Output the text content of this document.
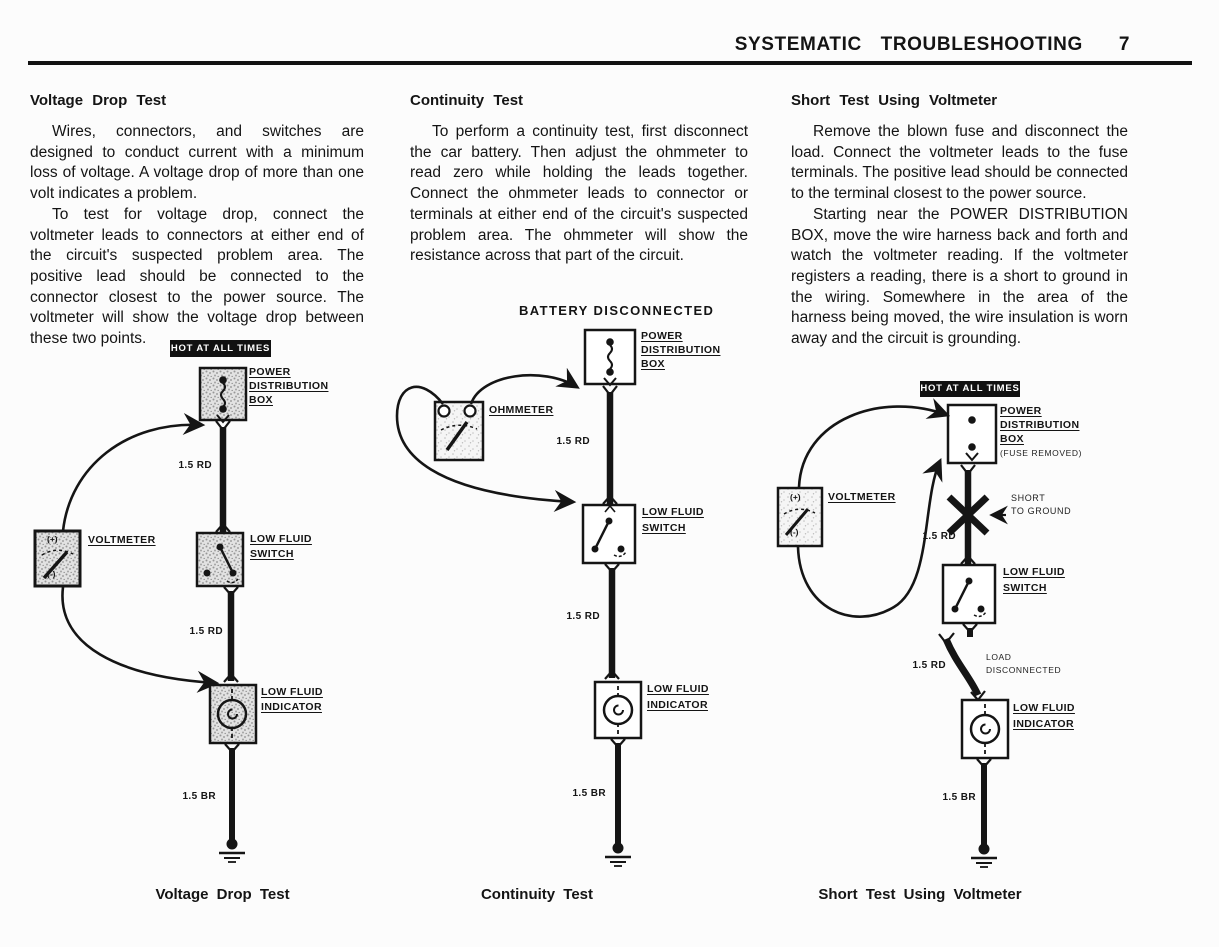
SYSTEMATIC TROUBLESHOOTING 7
Voltage Drop Test

Wires, connectors, and switches are designed to conduct current with a minimum loss of voltage. A voltage drop of more than one volt indicates a problem.

To test for voltage drop, connect the voltmeter leads to connectors at either end of the circuit's suspected problem area. The positive lead should be connected to the connector closest to the power source. The voltmeter will show the voltage drop between these two points.

Continuity Test

To perform a continuity test, first disconnect the car battery. Then adjust the ohmmeter to read zero while holding the leads together. Connect the ohmmeter leads to connector or terminals at either end of the circuit's suspected problem area. The ohmmeter will show the resistance across that part of the circuit.

Short Test Using Voltmeter

Remove the blown fuse and disconnect the load. Connect the voltmeter leads to the fuse terminals. The positive lead should be connected to the terminal closest to the power source.

Starting near the POWER DISTRIBUTION BOX, move the wire harness back and forth and watch the voltmeter reading. If the voltmeter registers a reading, there is a short to ground in the wiring. Somewhere in the area of the harness being moved, the wire insulation is worn away and the circuit is grounding.

HOT AT ALL TIMES
POWER
DISTRIBUTION
BOX
1.5 RD
(+)
(-)
VOLTMETER	LOW FLUID
SWITCH
1.5 RD
LOW FLUID
INDICATOR
1.5 BR
BATTERY DISCONNECTED
POWER
DISTRIBUTION
BOX
OHMMETER
1.5 RD
LOW FLUID
SWITCH
1.5 RD
LOW FLUID
INDICATOR
1.5 BR
HOT AT ALL TIMES
POWER
DISTRIBUTION
BOX
(FUSE REMOVED)
(+)
(-)
VOLTMETER	SHORT
TO GROUND
1.5 RD
LOW FLUID
SWITCH
1.5 RD
LOAD
DISCONNECTED
LOW FLUID
INDICATOR
1.5 BR
Voltage Drop Test	Continuity Test	Short Test Using Voltmeter
